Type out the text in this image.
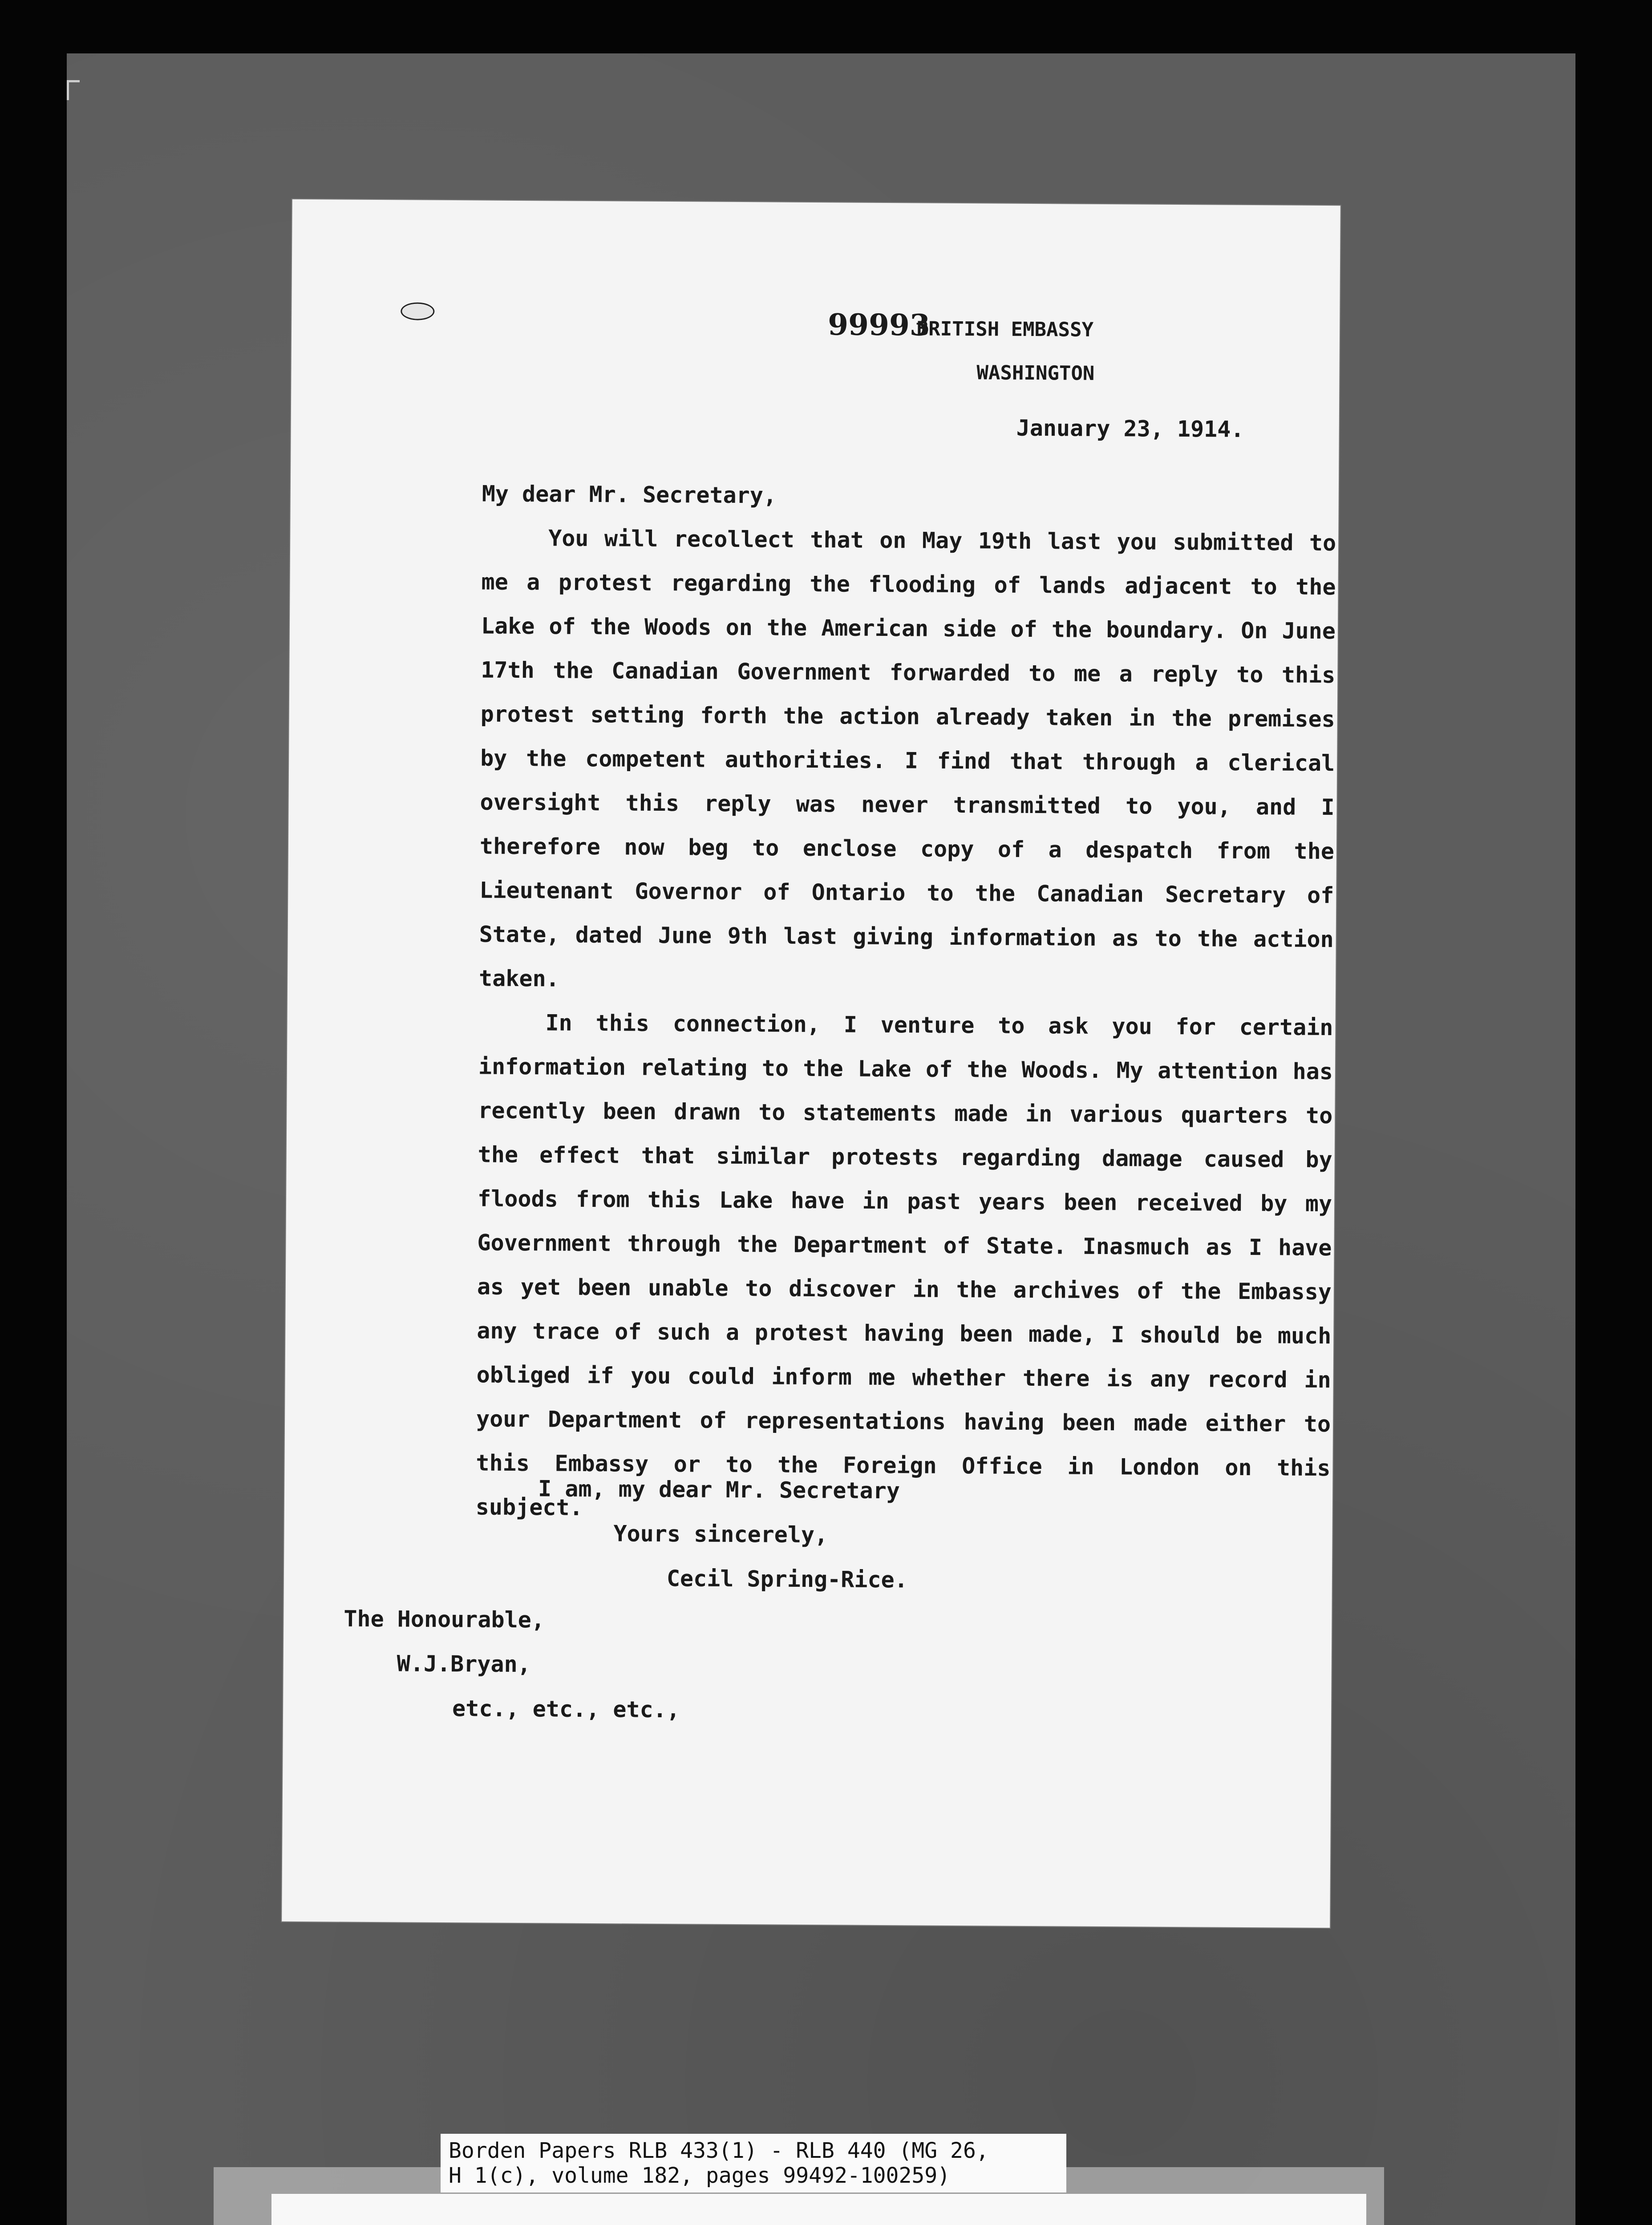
99993BRITISH EMBASSY
WASHINGTON
January 23, 1914.
My dear Mr. Secretary,

You will recollect that on May 19th last you submitted to me a protest regarding the flooding of lands adjacent to the Lake of the Woods on the American side of the boundary. On June 17th the Canadian Government forwarded to me a reply to this protest setting forth the action already taken in the premises by the competent authorities. I find that through a clerical oversight this reply was never transmitted to you, and I therefore now beg to enclose copy of a despatch from the Lieutenant Governor of Ontario to the Canadian Secretary of State, dated June 9th last giving information as to the action taken.

In this connection, I venture to ask you for certain information relating to the Lake of the Woods. My attention has recently been drawn to statements made in various quarters to the effect that similar protests regarding damage caused by floods from this Lake have in past years been received by my Government through the Department of State. Inasmuch as I have as yet been unable to discover in the archives of the Embassy any trace of such a protest having been made, I should be much obliged if you could inform me whether there is any record in your Department of representations having been made either to this Embassy or to the Foreign Office in London on this subject.

I am, my dear Mr. Secretary
Yours sincerely,
Cecil Spring-Rice.
The Honourable,
W.J.Bryan,
etc., etc., etc.,
Borden Papers RLB 433(1) - RLB 440 (MG 26,
H 1(c), volume 182, pages 99492-100259)
